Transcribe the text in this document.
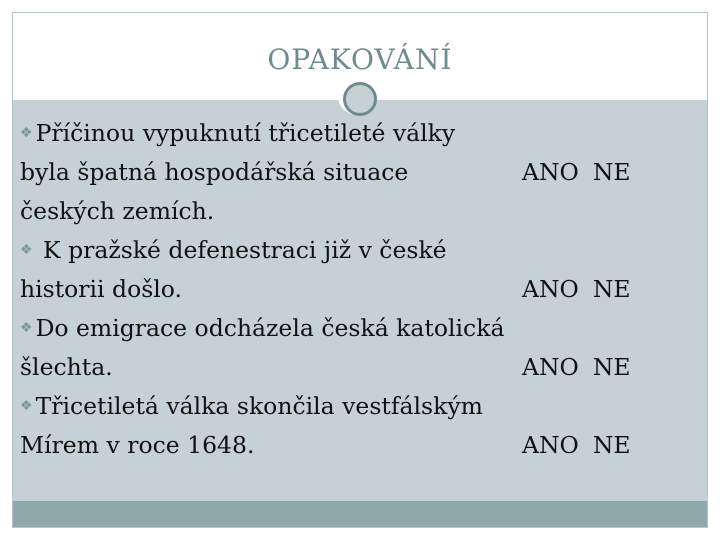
OPAKOVÁNÍ
❖ Příčinou vypuknutí třicetileté války
byla špatná hospodářská situace	ANO NE
českých zemích.
❖ K pražské defenestraci již v české
historii došlo.	ANO NE
❖ Do emigrace odcházela česká katolická
šlechta.	ANO NE
❖ Třicetiletá válka skončila vestfálským
Mírem v roce 1648.	ANO NE
